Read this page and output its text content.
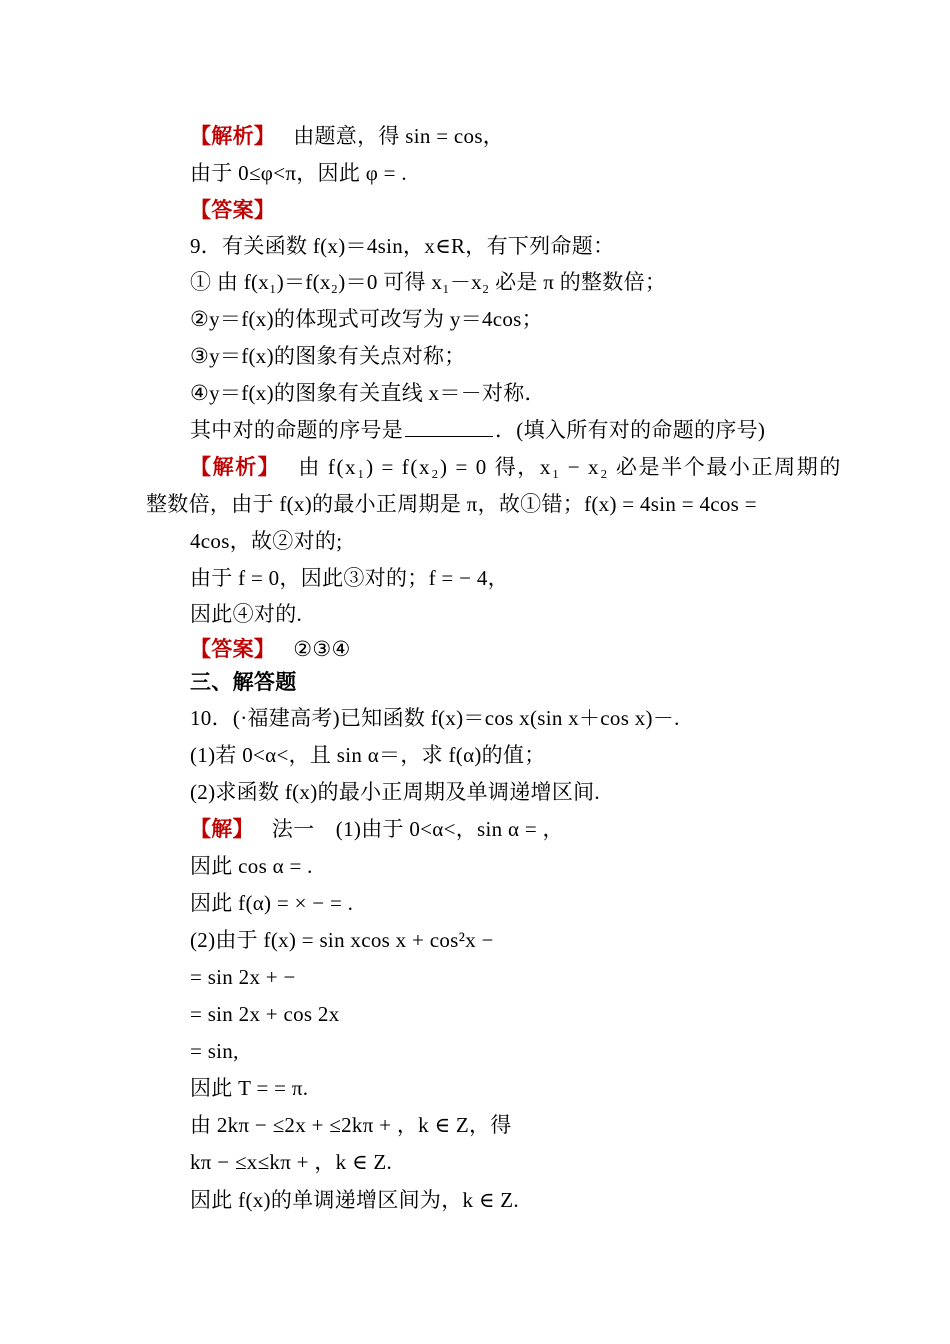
【解析】 由题意，得 sin = cos，
由于 0≤φ<π，因此 φ = .
【答案】
9．有关函数 f(x)＝4sin，x∈R，有下列命题：
① 由 f(x₁)＝f(x₂)＝0 可得 x₁－x₂ 必是 π 的整数倍；
②y＝f(x)的体现式可改写为 y＝4cos；
③y＝f(x)的图象有关点对称；
④y＝f(x)的图象有关直线 x＝－对称．
其中对的命题的序号是	．(填入所有对的命题的序号)
【解析】 由 f(x₁) = f(x₂) = 0 得，x₁ − x₂ 必是半个最小正周期的
整数倍，由于 f(x)的最小正周期是 π，故①错；f(x) = 4sin = 4cos =
4cos，故②对的;
由于 f = 0，因此③对的；f = − 4，
因此④对的.
【答案】 ②③④
三、解答题
10．(·福建高考)已知函数 f(x)＝cos x(sin x＋cos x)－.
(1)若 0<α<，且 sin α＝，求 f(α)的值；
(2)求函数 f(x)的最小正周期及单调递增区间.
【解】 法一　(1)由于 0<α<，sin α = ，
因此 cos α = .
因此 f(α) = × − = .
(2)由于 f(x) = sin xcos x + cos²x −
= sin 2x + −
= sin 2x + cos 2x
= sin,
因此 T = = π.
由 2kπ − ≤2x + ≤2kπ + ，k ∈ Z，得
kπ − ≤x≤kπ + ，k ∈ Z.
因此 f(x)的单调递增区间为，k ∈ Z.
